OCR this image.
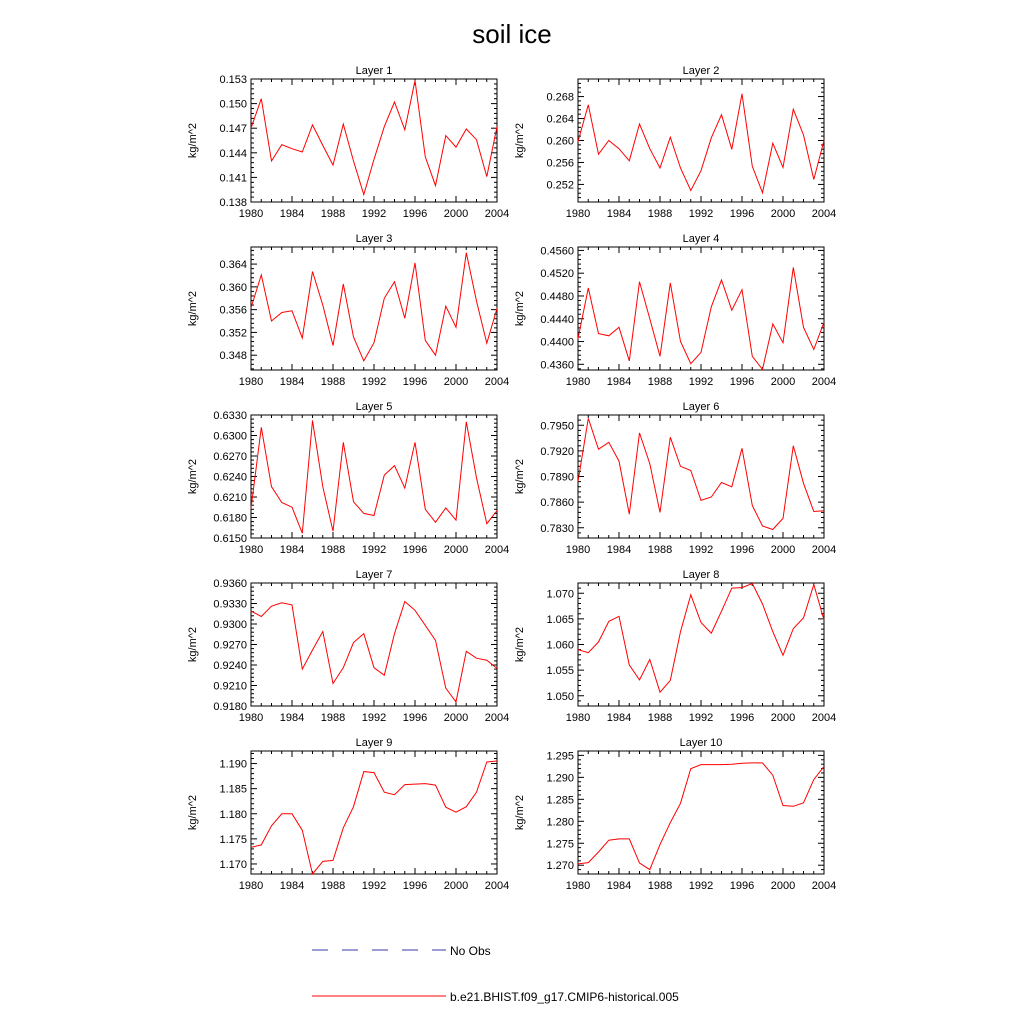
soil ice
Layer 1
kg/m^2
1980 1984 1988 1992 1996 2000 2004
0.138
0.141
0.144
0.147
0.150
0.153
Layer 2
kg/m^2
1980 1984 1988 1992 1996 2000 2004
0.252
0.256
0.260
0.264
0.268
Layer 3
kg/m^2
1980 1984 1988 1992 1996 2000 2004
0.348
0.352
0.356
0.360
0.364
Layer 4
kg/m^2
1980 1984 1988 1992 1996 2000 2004
0.4360
0.4400
0.4440
0.4480
0.4520
0.4560
Layer 5
kg/m^2
1980 1984 1988 1992 1996 2000 2004
0.6150
0.6180
0.6210
0.6240
0.6270
0.6300
0.6330
Layer 6
kg/m^2
1980 1984 1988 1992 1996 2000 2004
0.7830
0.7860
0.7890
0.7920
0.7950
Layer 7
kg/m^2
1980 1984 1988 1992 1996 2000 2004
0.9180
0.9210
0.9240
0.9270
0.9300
0.9330
0.9360
Layer 8
kg/m^2
1980 1984 1988 1992 1996 2000 2004
1.050
1.055
1.060
1.065
1.070
Layer 9
kg/m^2
1980 1984 1988 1992 1996 2000 2004
1.170
1.175
1.180
1.185
1.190
Layer 10
kg/m^2
1980 1984 1988 1992 1996 2000 2004
1.270
1.275
1.280
1.285
1.290
1.295
No Obs
b.e21.BHIST.f09_g17.CMIP6-historical.005
